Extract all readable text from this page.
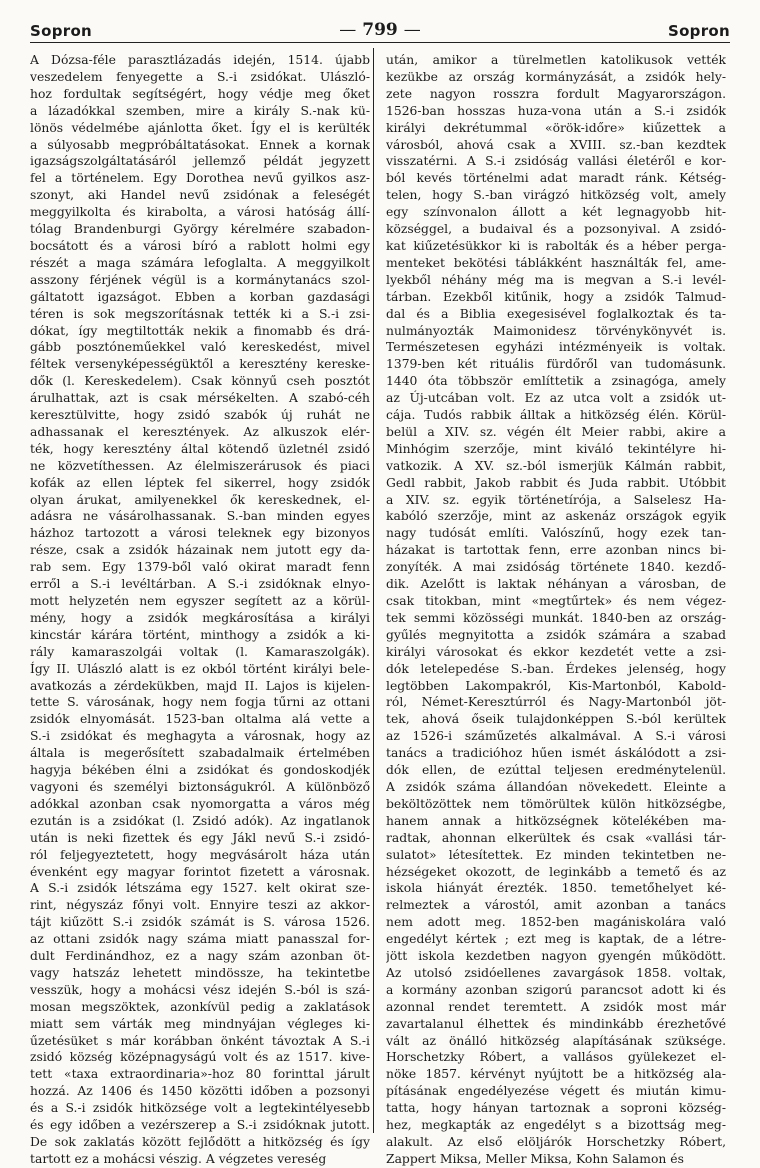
Sopron	— 799 —	Sopron
A Dózsa-féle parasztlázadás idején, 1514. újabb
veszedelem fenyegette a S.-i zsidókat. Ulászló-
hoz fordultak segítségért, hogy védje meg őket
a lázadókkal szemben, mire a király S.-nak kü-
lönös védelmébe ajánlotta őket. Így el is kerülték
a súlyosabb megpróbáltatásokat. Ennek a kornak
igazságszolgáltatásáról jellemző példát jegyzett
fel a történelem. Egy Dorothea nevű gyilkos asz-
szonyt, aki Handel nevű zsidónak a feleségét
meggyilkolta és kirabolta, a városi hatóság állí-
tólag Brandenburgi György kérelmére szabadon-
bocsátott és a városi bíró a rablott holmi egy
részét a maga számára lefoglalta. A meggyilkolt
asszony férjének végül is a kormánytanács szol-
gáltatott igazságot. Ebben a korban gazdasági
téren is sok megszorításnak tették ki a S.-i zsi-
dókat, így megtiltották nekik a finomabb és drá-
gább posztóneműekkel való kereskedést, mivel
féltek versenyképességüktől a keresztény kereske-
dők (l. Kereskedelem). Csak könnyű cseh posztót
árulhattak, azt is csak mérsékelten. A szabó-céh
keresztülvitte, hogy zsidó szabók új ruhát ne
adhassanak el keresztények. Az alkuszok elér-
ték, hogy keresztény által kötendő üzletnél zsidó
ne közvetíthessen. Az élelmiszerárusok és piaci
kofák az ellen léptek fel sikerrel, hogy zsidók
olyan árukat, amilyenekkel ők kereskednek, el-
adásra ne vásárolhassanak. S.-ban minden egyes
házhoz tartozott a városi teleknek egy bizonyos
része, csak a zsidók házainak nem jutott egy da-
rab sem. Egy 1379-ből való okirat maradt fenn
erről a S.-i levéltárban. A S.-i zsidóknak elnyo-
mott helyzetén nem egyszer segített az a körül-
mény, hogy a zsidók megkárosítása a királyi
kincstár kárára történt, minthogy a zsidók a ki-
rály kamaraszolgái voltak (l. Kamaraszolgák).
Így II. Ulászló alatt is ez okból történt királyi bele-
avatkozás a zérdekükben, majd II. Lajos is kijelen-
tette S. városának, hogy nem fogja tűrni az ottani
zsidók elnyomását. 1523-ban oltalma alá vette a
S.-i zsidókat és meghagyta a városnak, hogy az
általa is megerősített szabadalmaik értelmében
hagyja békében élni a zsidókat és gondoskodjék
vagyoni és személyi biztonságukról. A különböző
adókkal azonban csak nyomorgatta a város még
ezután is a zsidókat (l. Zsidó adók). Az ingatlanok
után is neki fizettek és egy Jákl nevű S.-i zsidó-
ról feljegyeztetett, hogy megvásárolt háza után
évenként egy magyar forintot fizetett a városnak.
A S.-i zsidók létszáma egy 1527. kelt okirat sze-
rint, négyszáz főnyi volt. Ennyire teszi az akkor-
tájt kiűzött S.-i zsidók számát is S. városa 1526.
az ottani zsidók nagy száma miatt panasszal for-
dult Ferdinándhoz, ez a nagy szám azonban öt-
vagy hatszáz lehetett mindössze, ha tekintetbe
vesszük, hogy a mohácsi vész idején S.-ból is szá-
mosan megszöktek, azonkívül pedig a zaklatások
miatt sem várták meg mindnyájan végleges ki-
űzetésüket s már korábban önként távoztak A S.-i
zsidó község középnagyságú volt és az 1517. kive-
tett «taxa extraordinaria»-hoz 80 forinttal járult
hozzá. Az 1406 és 1450 közötti időben a pozsonyi
és a S.-i zsidók hitközsége volt a legtekintélyesebb
és egy időben a vezérszerep a S.-i zsidóknak jutott.
De sok zaklatás között fejlődött a hitközség és így
tartott ez a mohácsi vészig. A végzetes vereség
után, amikor a türelmetlen katolikusok vették
kezükbe az ország kormányzását, a zsidók hely-
zete nagyon rosszra fordult Magyarországon.
1526-ban hosszas huza-vona után a S.-i zsidók
királyi dekrétummal «örök-időre» kiűzettek a
városból, ahová csak a XVIII. sz.-ban kezdtek
visszatérni. A S.-i zsidóság vallási életéről e kor-
ból kevés történelmi adat maradt ránk. Kétség-
telen, hogy S.-ban virágzó hitközség volt, amely
egy színvonalon állott a két legnagyobb hit-
községgel, a budaival és a pozsonyival. A zsidó-
kat kiűzetésükkor ki is rabolták és a héber perga-
menteket bekötési táblákként használták fel, ame-
lyekből néhány még ma is megvan a S.-i levél-
tárban. Ezekből kitűnik, hogy a zsidók Talmud-
dal és a Biblia exegesisével foglalkoztak és ta-
nulmányozták Maimonidesz törvénykönyvét is.
Természetesen egyházi intézményeik is voltak.
1379-ben két rituális fürdőről van tudomásunk.
1440 óta többször említtetik a zsinagóga, amely
az Új-utcában volt. Ez az utca volt a zsidók ut-
cája. Tudós rabbik álltak a hitközség élén. Körül-
belül a XIV. sz. végén élt Meier rabbi, akire a
Minhógim szerzője, mint kiváló tekintélyre hi-
vatkozik. A XV. sz.-ból ismerjük Kálmán rabbit,
Gedl rabbit, Jakob rabbit és Juda rabbit. Utóbbit
a XIV. sz. egyik történetírója, a Salselesz Ha-
kabóló szerzője, mint az askenáz országok egyik
nagy tudósát említi. Valószínű, hogy ezek tan-
házakat is tartottak fenn, erre azonban nincs bi-
zonyíték. A mai zsidóság története 1840. kezdő-
dik. Azelőtt is laktak néhányan a városban, de
csak titokban, mint «megtűrtek» és nem végez-
tek semmi közösségi munkát. 1840-ben az ország-
gyűlés megnyitotta a zsidók számára a szabad
királyi városokat és ekkor kezdetét vette a zsi-
dók letelepedése S.-ban. Érdekes jelenség, hogy
legtöbben Lakompakról, Kis-Martonból, Kabold-
ról, Német-Keresztúrról és Nagy-Martonból jöt-
tek, ahová őseik tulajdonképpen S.-ból kerültek
az 1526-i száműzetés alkalmával. A S.-i városi
tanács a tradicióhoz hűen ismét áskálódott a zsi-
dók ellen, de ezúttal teljesen eredménytelenül.
A zsidók száma állandóan növekedett. Eleinte a
beköltözöttek nem tömörültek külön hitközségbe,
hanem annak a hitközségnek kötelékében ma-
radtak, ahonnan elkerültek és csak «vallási tár-
sulatot» létesítettek. Ez minden tekintetben ne-
hézségeket okozott, de leginkább a temető és az
iskola hiányát érezték. 1850. temetőhelyet ké-
relmeztek a várostól, amit azonban a tanács
nem adott meg. 1852-ben magániskolára való
engedélyt kértek ; ezt meg is kaptak, de a létre-
jött iskola kezdetben nagyon gyengén működött.
Az utolsó zsidóellenes zavargások 1858. voltak,
a kormány azonban szigorú parancsot adott ki és
azonnal rendet teremtett. A zsidók most már
zavartalanul élhettek és mindinkább érezhetővé
vált az önálló hitközség alapításának szüksége.
Horschetzky Róbert, a vallásos gyülekezet el-
nöke 1857. kérvényt nyújtott be a hitközség ala-
pításának engedélyezése végett és miután kimu-
tatta, hogy hányan tartoznak a soproni község-
hez, megkapták az engedélyt s a bizottság meg-
alakult. Az első elöljárók Horschetzky Róbert,
Zappert Miksa, Meller Miksa, Kohn Salamon és
